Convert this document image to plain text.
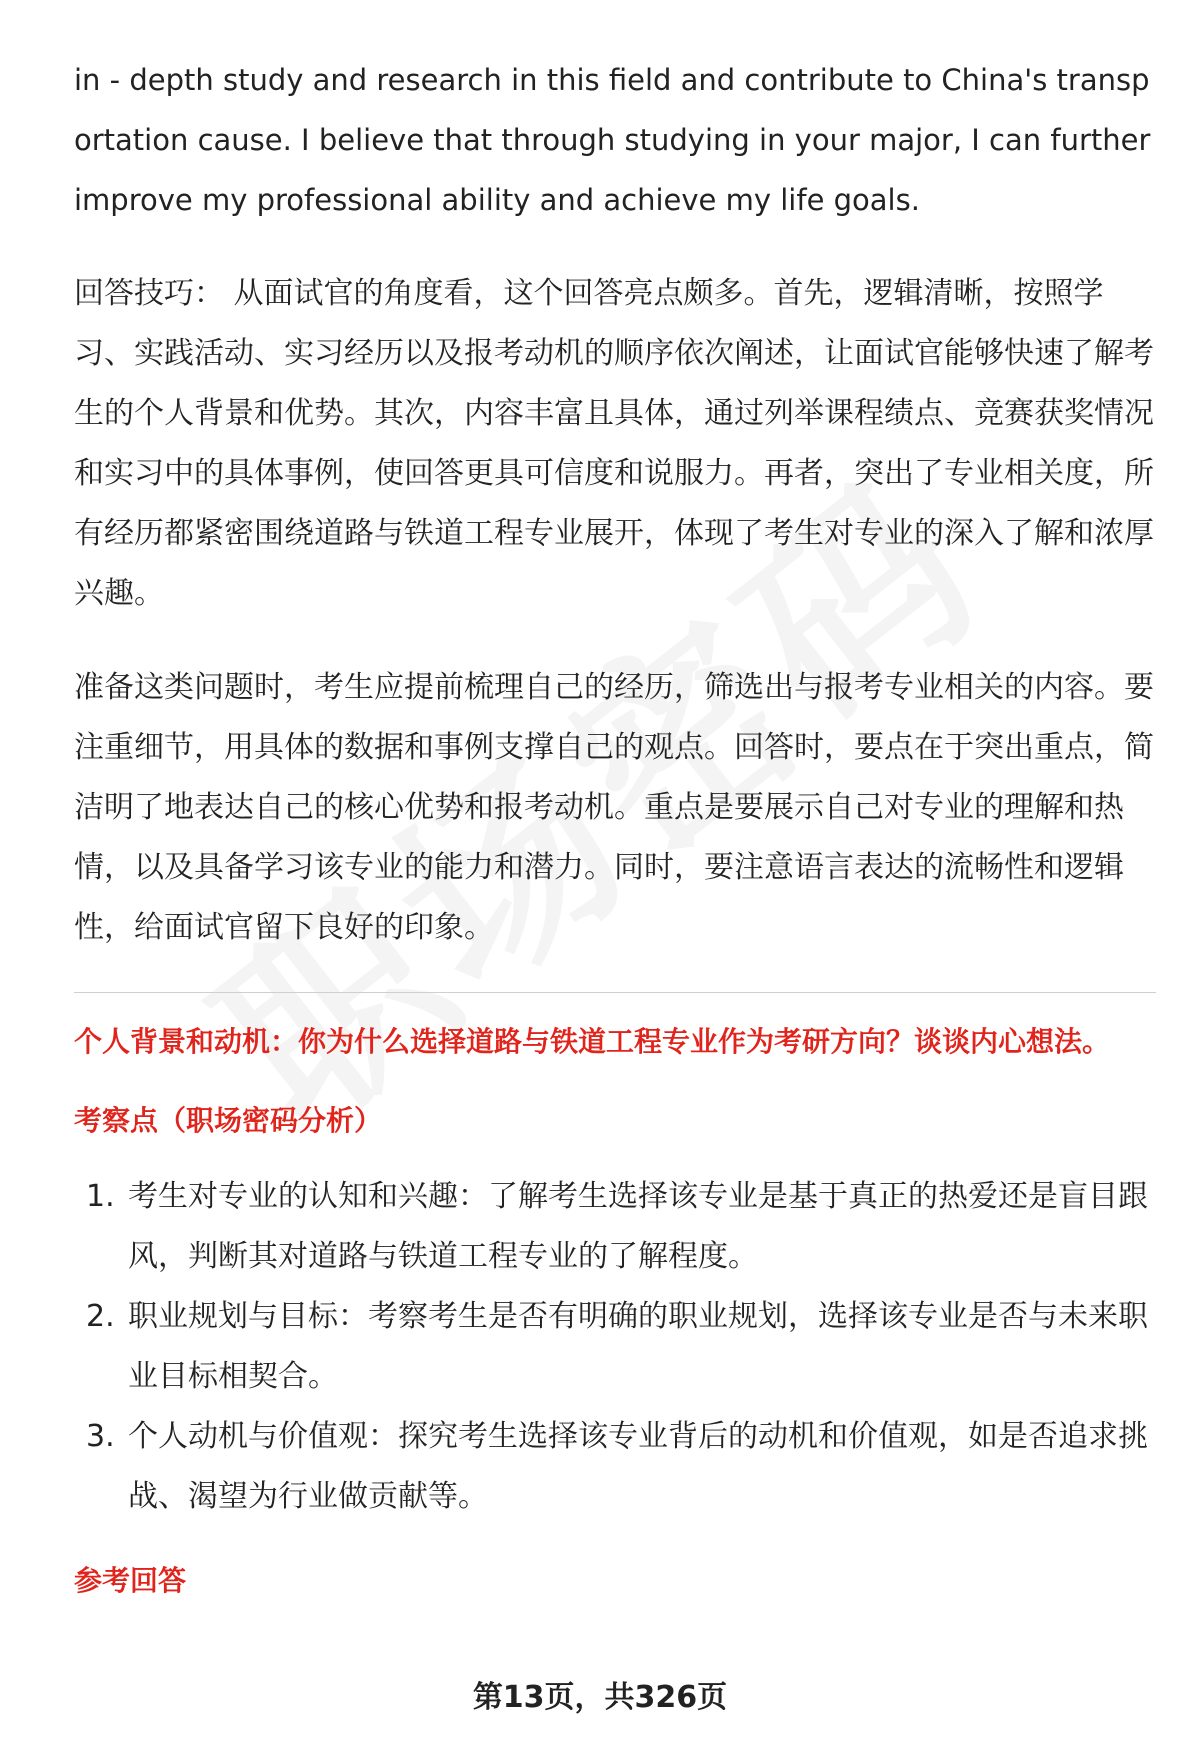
in - depth study and research in this field and contribute to China's transportation cause. I believe that through studying in your major, I can further improve my professional ability and achieve my life goals.

回答技巧： 从面试官的角度看，这个回答亮点颇多。首先，逻辑清晰，按照学习、实践活动、实习经历以及报考动机的顺序依次阐述，让面试官能够快速了解考生的个人背景和优势。其次，内容丰富且具体，通过列举课程绩点、竞赛获奖情况和实习中的具体事例，使回答更具可信度和说服力。再者，突出了专业相关度，所有经历都紧密围绕道路与铁道工程专业展开，体现了考生对专业的深入了解和浓厚兴趣。

准备这类问题时，考生应提前梳理自己的经历，筛选出与报考专业相关的内容。要注重细节，用具体的数据和事例支撑自己的观点。回答时，要点在于突出重点，简洁明了地表达自己的核心优势和报考动机。重点是要展示自己对专业的理解和热情，以及具备学习该专业的能力和潜力。同时，要注意语言表达的流畅性和逻辑性，给面试官留下良好的印象。

个人背景和动机：你为什么选择道路与铁道工程专业作为考研方向？谈谈内心想法。
考察点（职场密码分析）
1. 考生对专业的认知和兴趣：了解考生选择该专业是基于真正的热爱还是盲目跟风，判断其对道路与铁道工程专业的了解程度。
2. 职业规划与目标：考察考生是否有明确的职业规划，选择该专业是否与未来职业目标相契合。
3. 个人动机与价值观：探究考生选择该专业背后的动机和价值观，如是否追求挑战、渴望为行业做贡献等。
参考回答
第13页，共326页
